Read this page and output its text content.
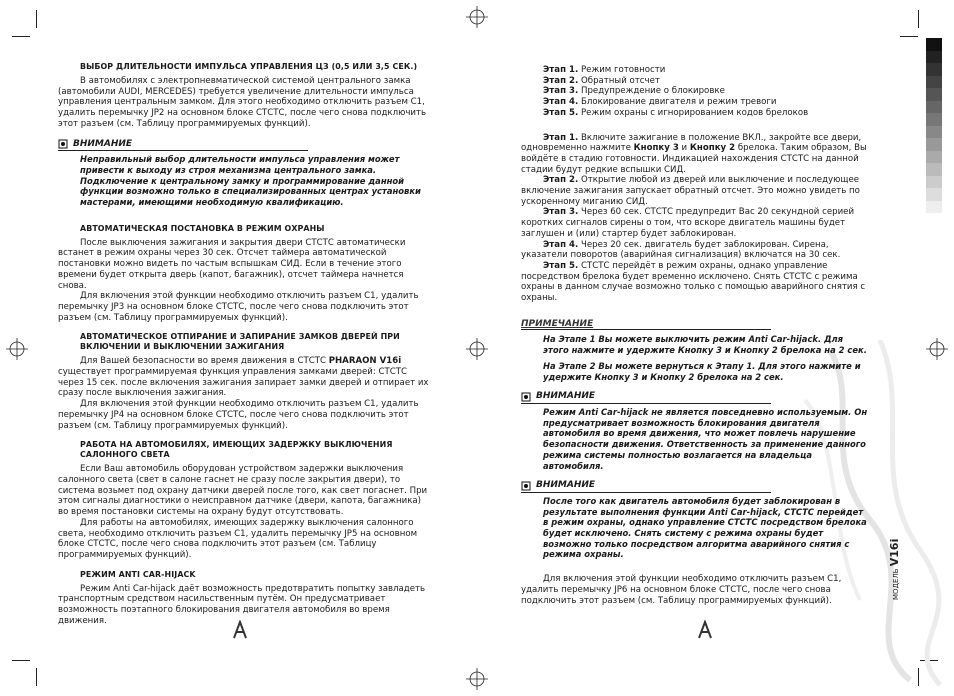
ВЫБОР ДЛИТЕЛЬНОСТИ ИМПУЛЬСА УПРАВЛЕНИЯ ЦЗ (0,5 ИЛИ 3,5 СЕК.)

В автомобилях с электропневматической системой центрального замка (автомобили AUDI, MERCEDES) требуется увеличение длительности импульса управления центральным замком. Для этого необходимо отключить разъем С1, удалить перемычку JP2 на основном блоке СТСТС, после чего снова подключить этот разъем (см. Таблицу программируемых функций).

ВНИМАНИЕ
Неправильный выбор длительности импульса управления может привести к выходу из строя механизма центрального замка. Подключение к центральному замку и программирование данной функции возможно только в специализированных центрах установки мастерами, имеющими необходимую квалификацию.
АВТОМАТИЧЕСКАЯ ПОСТАНОВКА В РЕЖИМ ОХРАНЫ

После выключения зажигания и закрытия двери СТСТС автоматически встанет в режим охраны через 30 сек. Отсчет таймера автоматической постановки можно видеть по частым вспышкам СИД. Если в течение этого времени будет открыта дверь (капот, багажник), отсчет таймера начнется снова.

Для включения этой функции необходимо отключить разъем С1, удалить перемычку JP3 на основном блоке СТСТС, после чего снова подключить этот разъем (см. Таблицу программируемых функций).

АВТОМАТИЧЕСКОЕ ОТПИРАНИЕ И ЗАПИРАНИЕ ЗАМКОВ ДВЕРЕЙ ПРИ ВКЛЮЧЕНИИ И ВЫКЛЮЧЕНИИ ЗАЖИГАНИЯ

Для Вашей безопасности во время движения в СТСТС PHARAON V16i существует программируемая функция управления замками дверей: СТСТС через 15 сек. после включения зажигания запирает замки дверей и отпирает их сразу после выключения зажигания.

Для включения этой функции необходимо отключить разъем С1, удалить перемычку JP4 на основном блоке СТСТС, после чего снова подключить этот разъем (см. Таблицу программируемых функций).

РАБОТА НА АВТОМОБИЛЯХ, ИМЕЮЩИХ ЗАДЕРЖКУ ВЫКЛЮЧЕНИЯ САЛОННОГО СВЕТА

Если Ваш автомобиль оборудован устройством задержки выключения салонного света (свет в салоне гаснет не сразу после закрытия двери), то система возьмет под охрану датчики дверей после того, как свет погаснет. При этом сигналы диагностики о неисправном датчике (двери, капота, багажника) во время постановки системы на охрану будут отсутствовать.

Для работы на автомобилях, имеющих задержку выключения салонного света, необходимо отключить разъем С1, удалить перемычку JP5 на основном блоке СТСТС, после чего снова подключить этот разъем (см. Таблицу программируемых функций).

РЕЖИМ ANTI CAR-HIJACK

Режим Anti Car-hijack даёт возможность предотвратить попытку завладеть транспортным средством насильственным путём. Он предусматривает возможность поэтапного блокирования двигателя автомобиля во время движения.

Этап 1. Режим готовности
Этап 2. Обратный отсчет
Этап 3. Предупреждение о блокировке
Этап 4. Блокирование двигателя и режим тревоги
Этап 5. Режим охраны с игнорированием кодов брелоков

Этап 1. Включите зажигание в положение ВКЛ., закройте все двери, одновременно нажмите Кнопку 3 и Кнопку 2 брелока. Таким образом, Вы войдёте в стадию готовности. Индикацией нахождения СТСТС на данной стадии будут редкие вспышки СИД.

Этап 2. Открытие любой из дверей или выключение и последующее включение зажигания запускает обратный отсчет. Это можно увидеть по ускоренному миганию СИД.

Этап 3. Через 60 сек. СТСТС предупредит Вас 20 секундной серией коротких сигналов сирены о том, что вскоре двигатель машины будет заглушен и (или) стартер будет заблокирован.

Этап 4. Через 20 сек. двигатель будет заблокирован. Сирена, указатели поворотов (аварийная сигнализация) включатся на 30 сек.

Этап 5. СТСТС перейдёт в режим охраны, однако управление посредством брелока будет временно исключено. Снять СТСТС с режима охраны в данном случае возможно только с помощью аварийного снятия с охраны.

ПРИМЕЧАНИЕ
На Этапе 1 Вы можете выключить режим Anti Car-hijack. Для этого нажмите и удержите Кнопку 3 и Кнопку 2 брелока на 2 сек.
На Этапе 2 Вы можете вернуться к Этапу 1. Для этого нажмите и удержите Кнопку 3 и Кнопку 2 брелока на 2 сек.
ВНИМАНИЕ
Режим Anti Car-hijack не является повседневно используемым. Он предусматривает возможность блокирования двигателя автомобиля во время движения, что может повлечь нарушение безопасности движения. Ответственность за применение данного режима системы полностью возлагается на владельца автомобиля.
ВНИМАНИЕ
После того как двигатель автомобиля будет заблокирован в результате выполнения функции Anti Car-hijack, СТСТС перейдет в режим охраны, однако управление СТСТС посредством брелока будет исключено. Снять систему с режима охраны будет возможно только посредством алгоритма аварийного снятия с режима охраны.

Для включения этой функции необходимо отключить разъем С1, удалить перемычку JP6 на основном блоке СТСТС, после чего снова подключить этот разъем (см. Таблицу программируемых функций).

МОДЕЛЬ V16i
